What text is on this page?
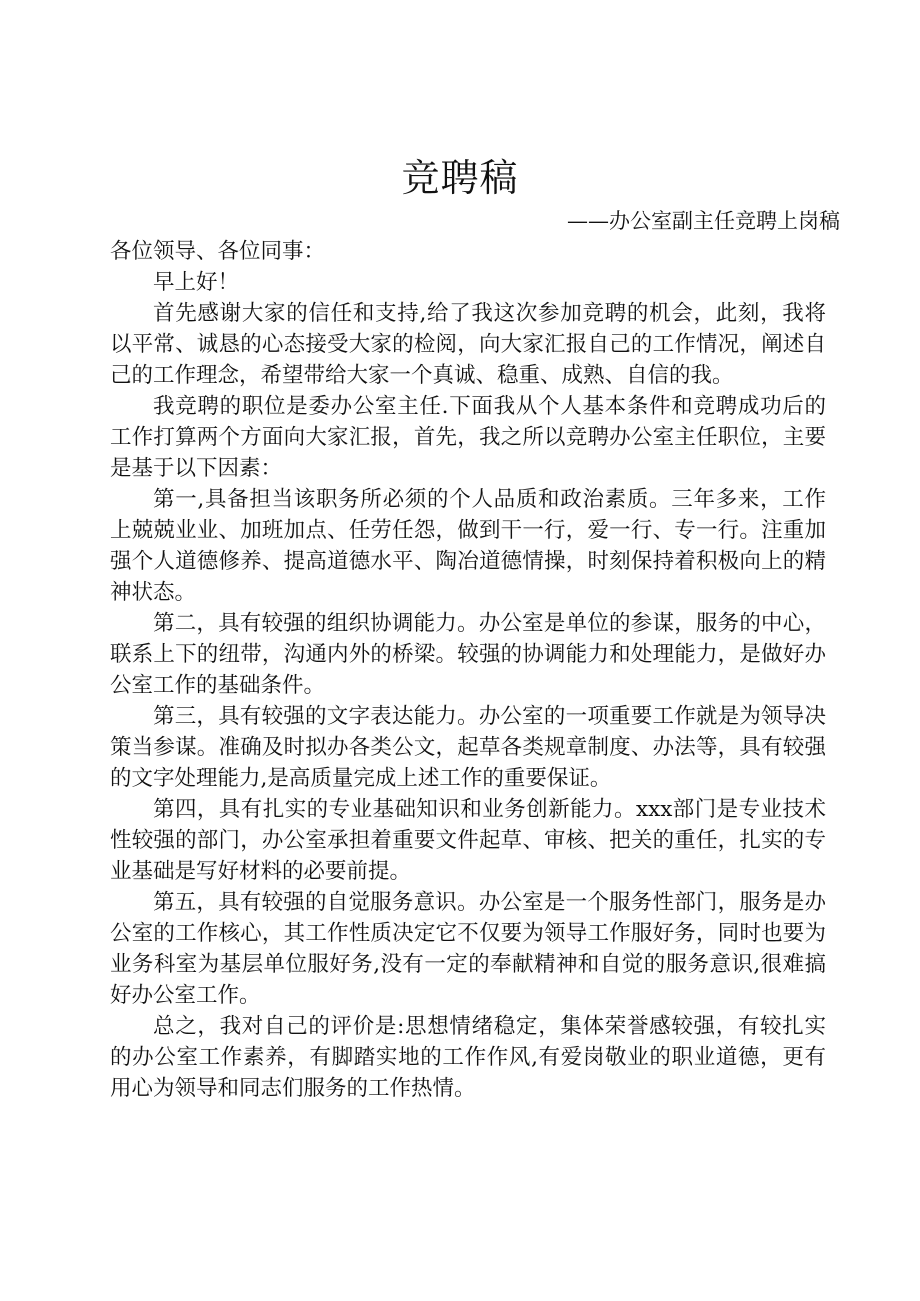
竞聘稿
——办公室副主任竞聘上岗稿

各位领导、各位同事：

早上好！

首先感谢大家的信任和支持,给了我这次参加竞聘的机会，此刻，我将以平常、诚恳的心态接受大家的检阅，向大家汇报自己的工作情况，阐述自己的工作理念，希望带给大家一个真诚、稳重、成熟、自信的我。

我竞聘的职位是委办公室主任.下面我从个人基本条件和竞聘成功后的工作打算两个方面向大家汇报，首先，我之所以竞聘办公室主任职位，主要是基于以下因素：

第一,具备担当该职务所必须的个人品质和政治素质。三年多来，工作上兢兢业业、加班加点、任劳任怨，做到干一行，爱一行、专一行。注重加强个人道德修养、提高道德水平、陶冶道德情操，时刻保持着积极向上的精神状态。

第二，具有较强的组织协调能力。办公室是单位的参谋，服务的中心，联系上下的纽带，沟通内外的桥梁。较强的协调能力和处理能力，是做好办公室工作的基础条件。

第三，具有较强的文字表达能力。办公室的一项重要工作就是为领导决策当参谋。准确及时拟办各类公文，起草各类规章制度、办法等，具有较强的文字处理能力,是高质量完成上述工作的重要保证。

第四，具有扎实的专业基础知识和业务创新能力。xxx部门是专业技术性较强的部门，办公室承担着重要文件起草、审核、把关的重任，扎实的专业基础是写好材料的必要前提。

第五，具有较强的自觉服务意识。办公室是一个服务性部门，服务是办公室的工作核心，其工作性质决定它不仅要为领导工作服好务，同时也要为业务科室为基层单位服好务,没有一定的奉献精神和自觉的服务意识,很难搞好办公室工作。

总之，我对自己的评价是:思想情绪稳定，集体荣誉感较强，有较扎实的办公室工作素养，有脚踏实地的工作作风,有爱岗敬业的职业道德，更有用心为领导和同志们服务的工作热情。
